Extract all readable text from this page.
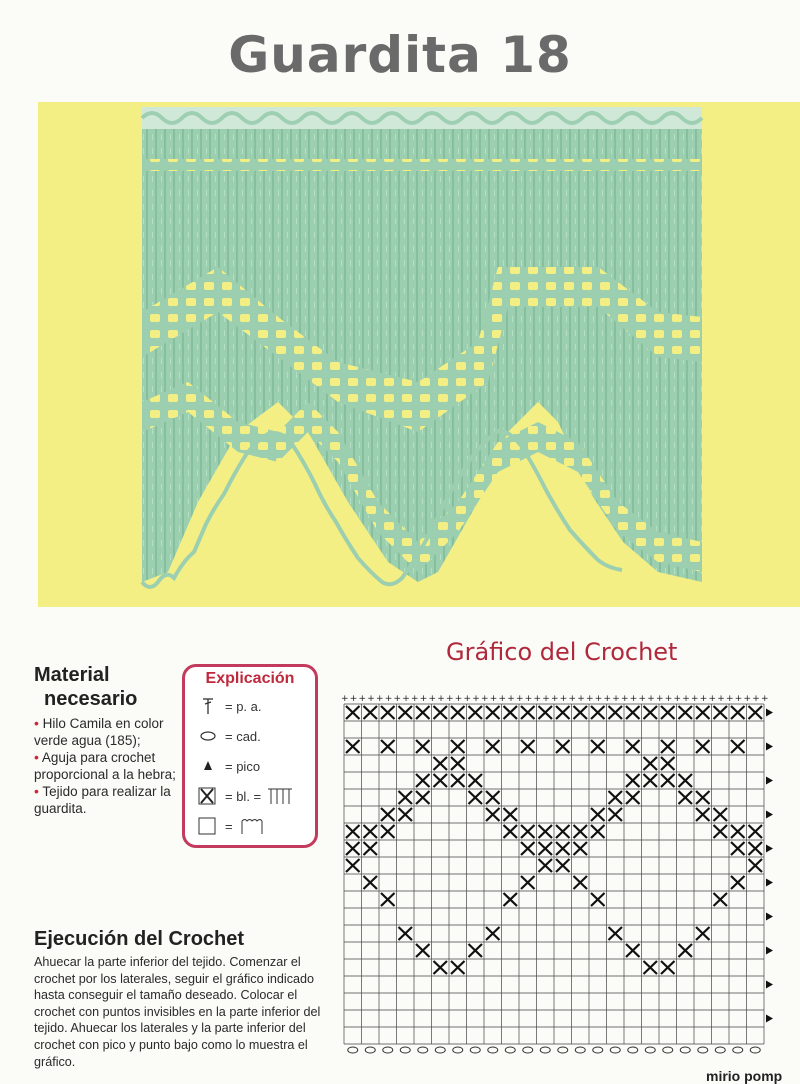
Guardita 18
Gráfico del Crochet
Material
necesario
• Hilo Camila en color verde agua (185);
• Aguja para crochet proporcional a la hebra;
• Tejido para realizar la guardita.
Explicación
= p. a.
= cad.
= pico
= bl. =
=
Ejecución del Crochet

Ahuecar la parte inferior del tejido. Comenzar el crochet por los laterales, seguir el gráfico indicado hasta conseguir el tamaño deseado. Colocar el crochet con puntos invisibles en la parte inferior del tejido. Ahuecar los laterales y la parte inferior del crochet con pico y punto bajo como lo muestra el gráfico.

+ + + + + + + + + + + + + + + + + + + + + + + + + + + + + + + + + + + + + + + + + + + + + + + + +
mirio pomp
